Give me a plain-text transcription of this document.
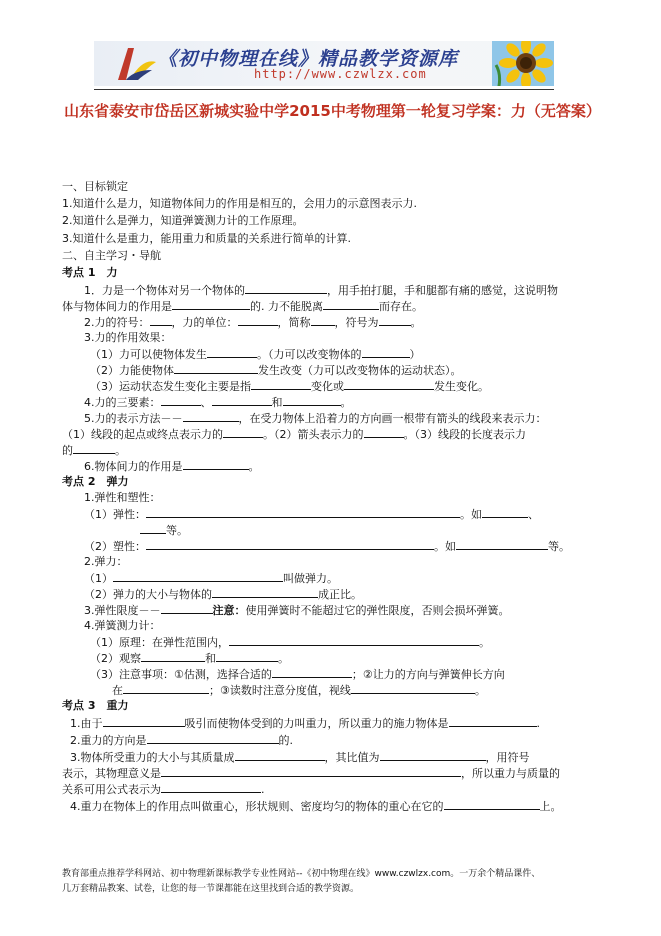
《初中物理在线》精品教学资源库
http://www.czwlzx.com
山东省泰安市岱岳区新城实验中学2015中考物理第一轮复习学案：力（无答案）
一、目标锁定
1.知道什么是力，知道物体间力的作用是相互的，会用力的示意图表示力.
2.知道什么是弹力，知道弹簧测力计的工作原理。
3.知道什么是重力，能用重力和质量的关系进行简单的计算.
二、自主学习・导航
考点 1　力
1．力是一个物体对另一个物体的	，用手拍打腿，手和腿都有痛的感觉，这说明物
体与物体间力的作用是	的. 力不能脱离	而存在。
2.力的符号： ，力的单位：	，简称 ，符号为	。
3.力的作用效果：
（1）力可以使物体发生	。（力可以改变物体的	）
（2）力能使物体	发生改变（力可以改变物体的运动状态）。
（3）运动状态发生变化主要是指	变化或	发生变化。
4.力的三要素：	、	和	。
5.力的表示方法－－	，在受力物体上沿着力的方向画一根带有箭头的线段来表示力：
（1）线段的起点或终点表示力的	。（2）箭头表示力的	。（3）线段的长度表示力
的	。
6.物体间力的作用是	。
考点 2　弹力
1.弹性和塑性：
（1）弹性：	。如	、
等。
（2）塑性：	。如	等。
2.弹力：
（1）	叫做弹力。
（2）弹力的大小与物体的	成正比。
3.弹性限度－－	注意：使用弹簧时不能超过它的弹性限度，否则会损坏弹簧。
4.弹簧测力计：
（1）原理：在弹性范围内，	。
（2）观察	和	。
（3）注意事项：①估测，选择合适的	；②让力的方向与弹簧伸长方向
在	；③读数时注意分度值，视线	。
考点 3　重力
1.由于	吸引而使物体受到的力叫重力，所以重力的施力物体是	.
2.重力的方向是	的.
3.物体所受重力的大小与其质量成	，其比值为	，用符号
表示，其物理意义是	，所以重力与质量的
关系可用公式表示为	.
4.重力在物体上的作用点叫做重心，形状规则、密度均匀的物体的重心在它的	上。
教育部重点推荐学科网站、初中物理新课标教学专业性网站--《初中物理在线》www.czwlzx.com。一万余个精品课件、
几万套精品教案、试卷，让您的每一节课都能在这里找到合适的教学资源。
